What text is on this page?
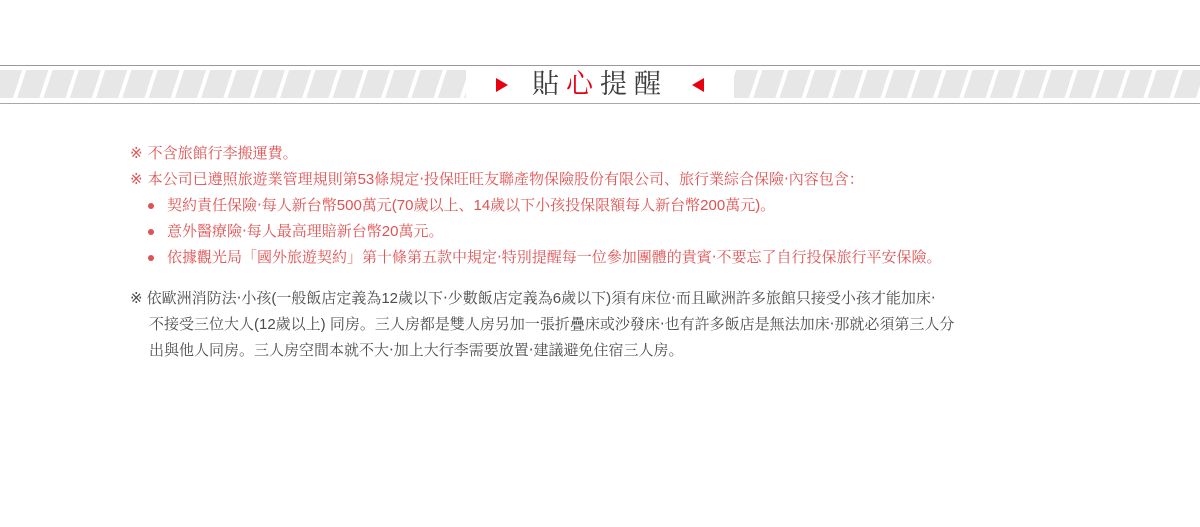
貼心提醒
※ 不含旅館行李搬運費。
※ 本公司已遵照旅遊業管理規則第53條規定‧投保旺旺友聯產物保險股份有限公司、旅行業綜合保險‧內容包含：
契約責任保險‧每人新台幣500萬元(70歲以上、14歲以下小孩投保限額每人新台幣200萬元)。
意外醫療險‧每人最高理賠新台幣20萬元。
依據觀光局「國外旅遊契約」第十條第五款中規定‧特別提醒每一位參加團體的貴賓‧不要忘了自行投保旅行平安保險。
※ 依歐洲消防法‧小孩(一般飯店定義為12歲以下‧少數飯店定義為6歲以下)須有床位‧而且歐洲許多旅館只接受小孩才能加床‧
不接受三位大人(12歲以上) 同房。三人房都是雙人房另加一張折疊床或沙發床‧也有許多飯店是無法加床‧那就必須第三人分
出與他人同房。三人房空間本就不大‧加上大行李需要放置‧建議避免住宿三人房。
